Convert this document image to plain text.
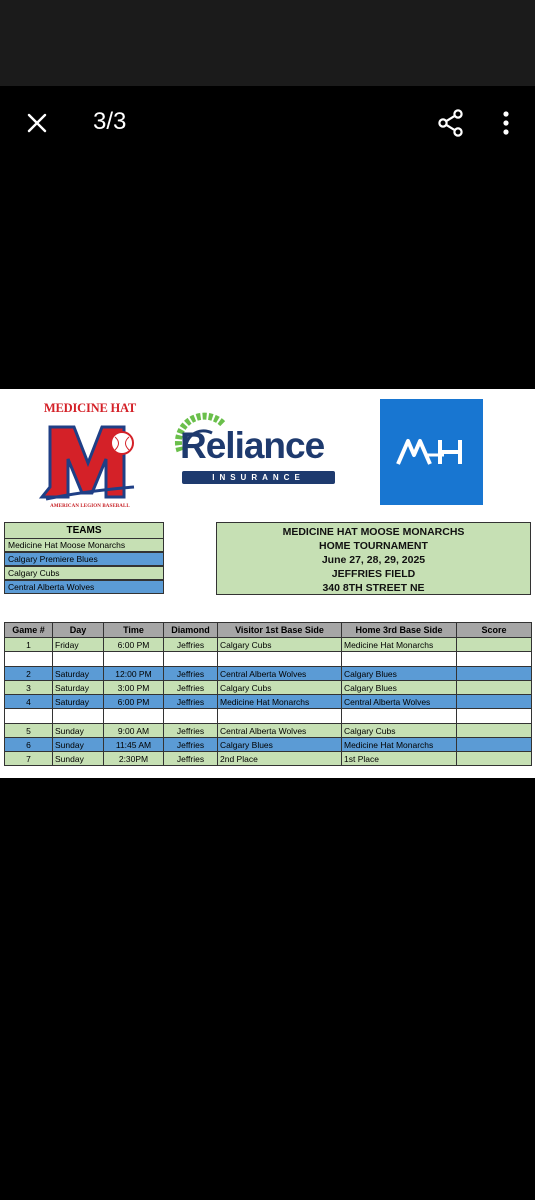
3/3
MEDICINE HAT
AMERICAN LEGION BASEBALL
Reliance
INSURANCE
TEAMS
Medicine Hat Moose Monarchs
Calgary Premiere Blues
Calgary Cubs
Central Alberta Wolves
MEDICINE HAT MOOSE MONARCHS
HOME TOURNAMENT
June 27, 28, 29, 2025
JEFFRIES FIELD
340 8TH STREET NE
Game #	Day	Time	Diamond	Visitor 1st Base Side	Home 3rd Base Side	Score
1	Friday	6:00 PM	Jeffries	Calgary Cubs	Medicine Hat Monarchs	

2	Saturday	12:00 PM	Jeffries	Central Alberta Wolves	Calgary Blues	
3	Saturday	3:00 PM	Jeffries	Calgary Cubs	Calgary Blues	
4	Saturday	6:00 PM	Jeffries	Medicine Hat Monarchs	Central Alberta Wolves	

5	Sunday	9:00 AM	Jeffries	Central Alberta Wolves	Calgary Cubs	
6	Sunday	11:45 AM	Jeffries	Calgary Blues	Medicine Hat Monarchs	
7	Sunday	2:30PM	Jeffries	2nd Place	1st Place	
